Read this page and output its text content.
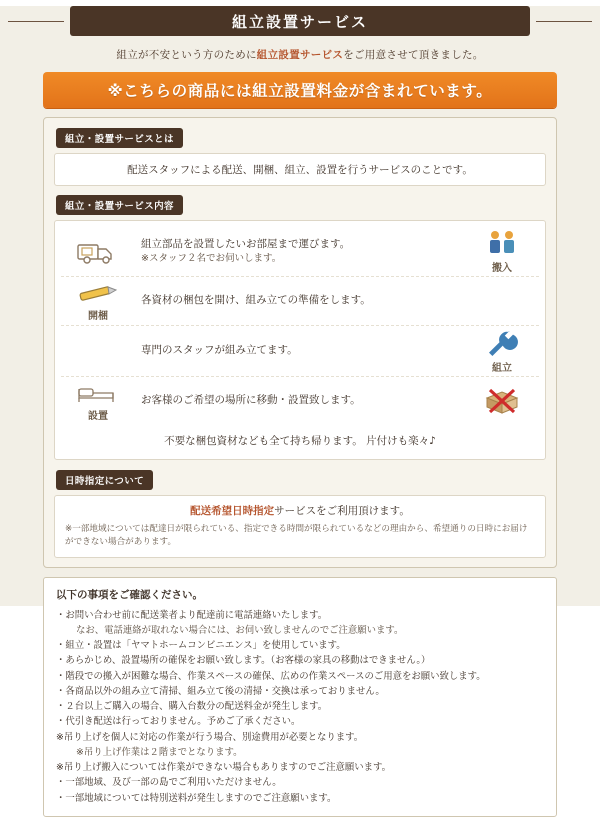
組立設置サービス
組立が不安という方のために組立設置サービスをご用意させて頂きました。
※こちらの商品には組立設置料金が含まれています。
組立・設置サービスとは
配送スタッフによる配送、開梱、組立、設置を行うサービスのことです。
組立・設置サービス内容
組立部品を設置したいお部屋まで運びます。
※スタッフ２名でお伺いします。
搬入
開梱
各資材の梱包を開け、組み立ての準備をします。
専門のスタッフが組み立てます。
組立
設置
お客様のご希望の場所に移動・設置致します。
不要な梱包資材なども全て持ち帰ります。 片付けも楽々♪
日時指定について
配送希望日時指定サービスをご利用頂けます。
※一部地域については配達日が限られている、指定できる時間が限られているなどの理由から、希望通りの日時にお届けができない場合があります。
以下の事項をご確認ください。
・お問い合わせ前に配送業者より配達前に電話連絡いたします。
なお、電話連絡が取れない場合には、お伺い致しませんのでご注意願います。
・組立・設置は「ヤマトホームコンビニエンス」を使用しています。
・あらかじめ、設置場所の確保をお願い致します。（お客様の家具の移動はできません。）
・階段での搬入が困難な場合、作業スペースの確保、広めの作業スペースのご用意をお願い致します。
・各商品以外の組み立て清掃、組み立て後の清掃・交換は承っておりません。
・２台以上ご購入の場合、購入台数分の配送料金が発生します。
・代引き配送は行っておりません。予めご了承ください。
※吊り上げを個人に対応の作業が行う場合、別途費用が必要となります。
※吊り上げ作業は２階までとなります。
※吊り上げ搬入については作業ができない場合もありますのでご注意願います。
・一部地域、及び一部の島でご利用いただけません。
・一部地域については特別送料が発生しますのでご注意願います。
